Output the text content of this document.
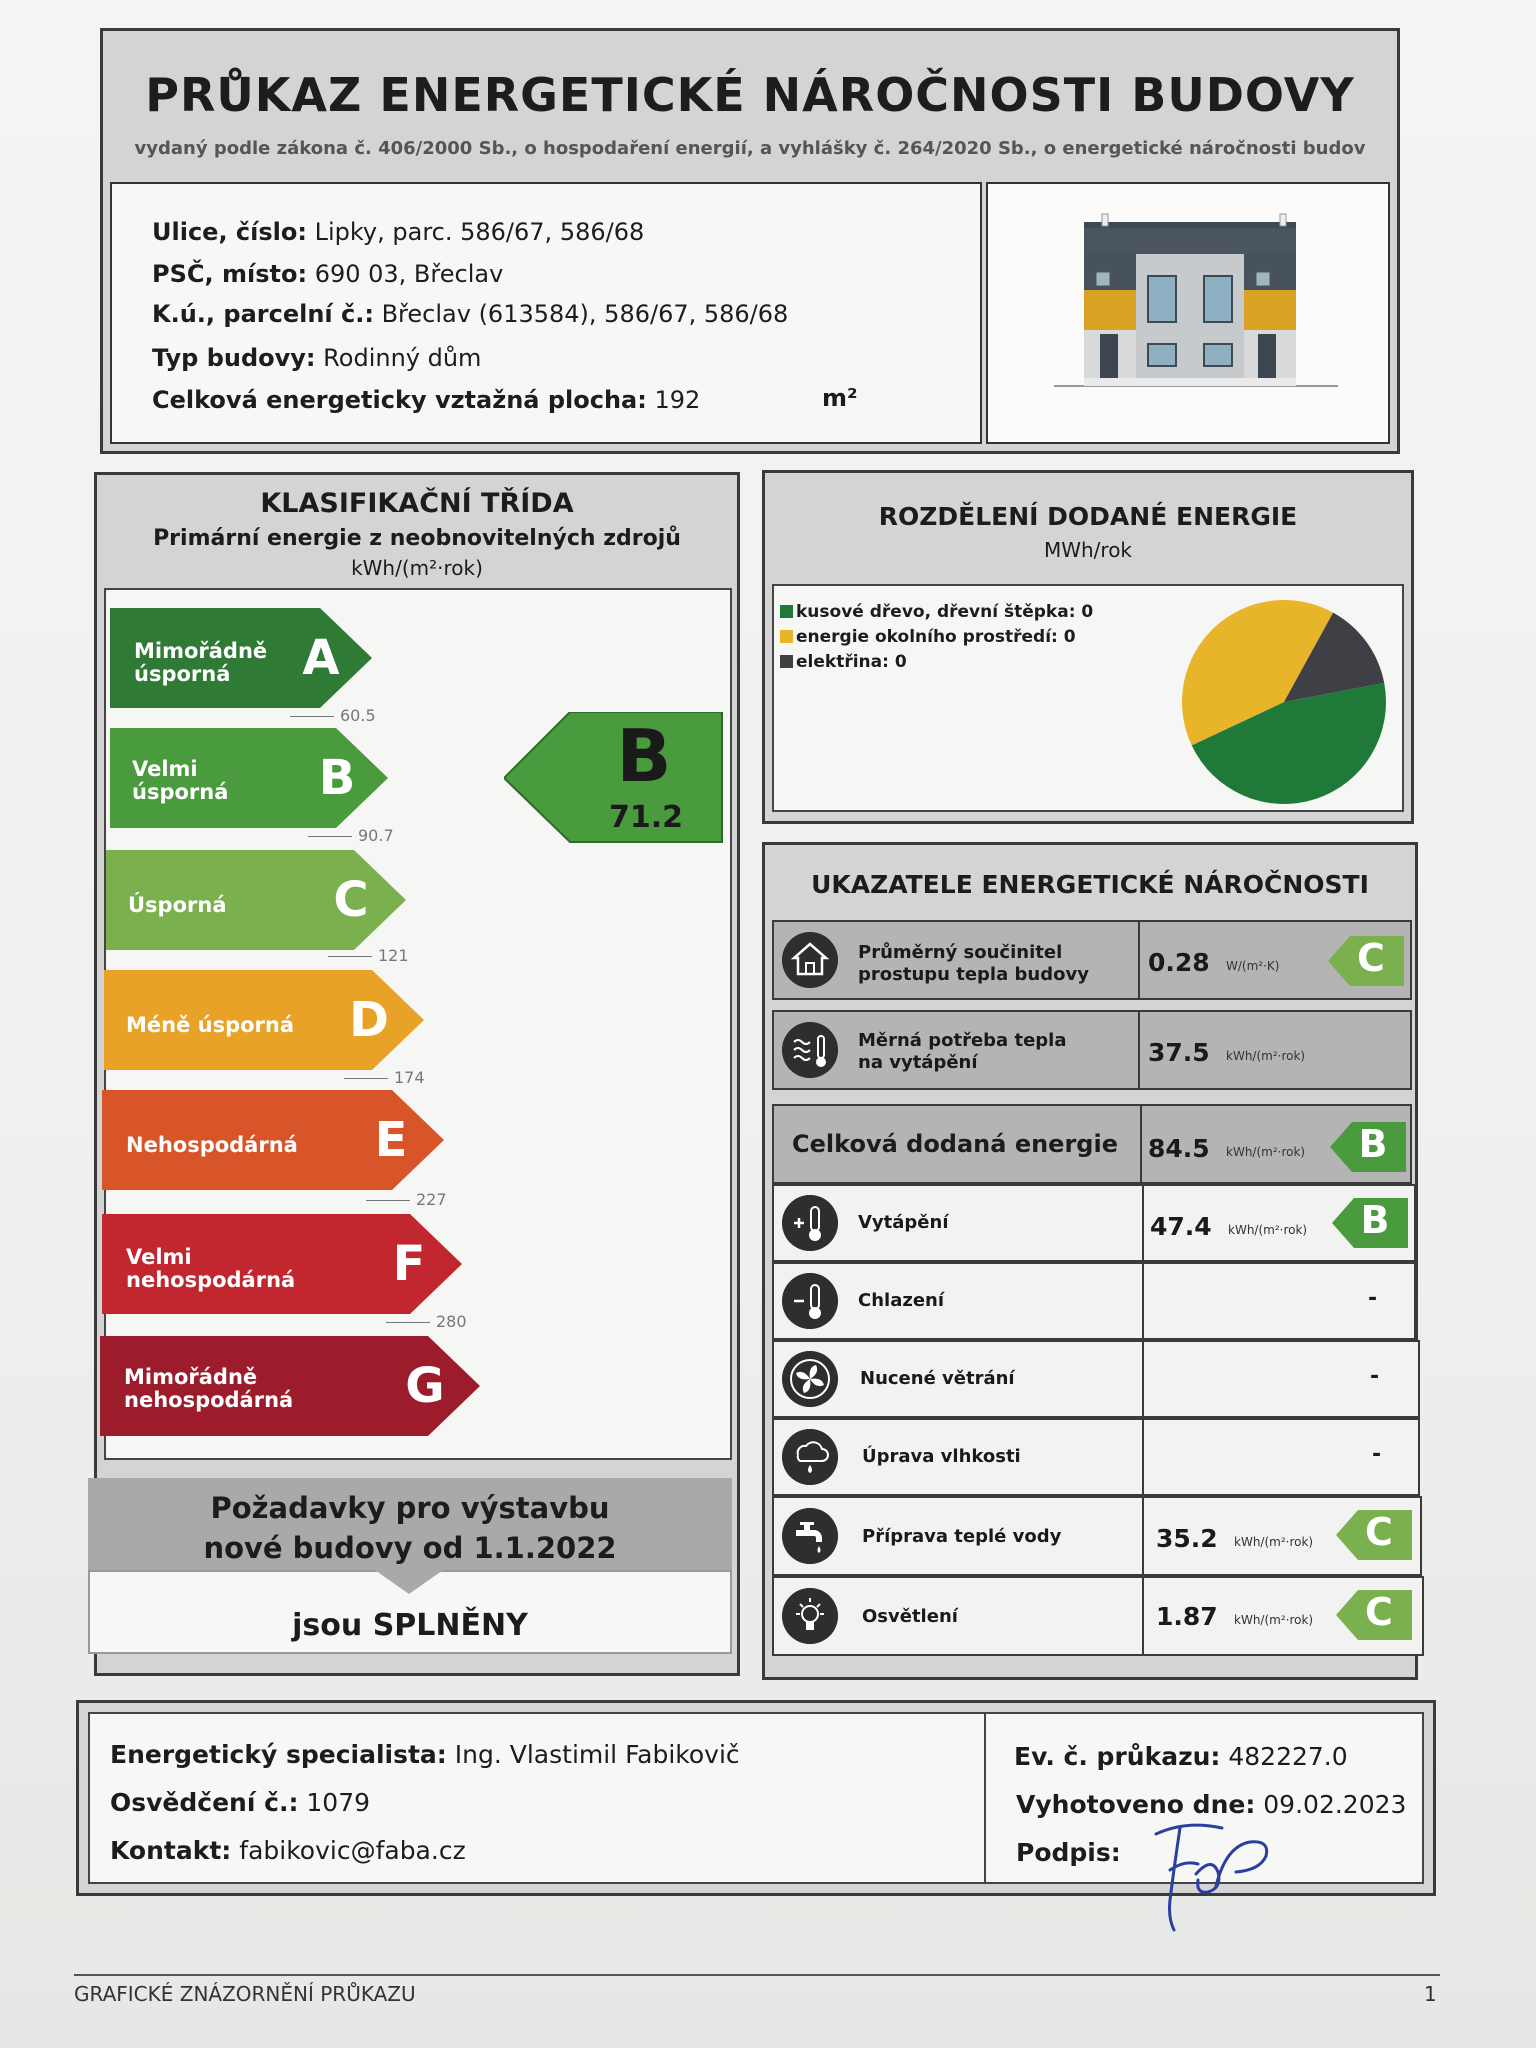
PRŮKAZ ENERGETICKÉ NÁROČNOSTI BUDOVY
vydaný podle zákona č. 406/2000 Sb., o hospodaření energií, a vyhlášky č. 264/2020 Sb., o energetické náročnosti budov
Ulice, číslo: Lipky, parc. 586/67, 586/68
PSČ, místo: 690 03, Břeclav
K.ú., parcelní č.: Břeclav (613584), 586/67, 586/68
Typ budovy: Rodinný dům
Celková energeticky vztažná plocha: 192	m²
KLASIFIKAČNÍ TŘÍDA
Primární energie z neobnovitelných zdrojů
kWh/(m²·rok)
Mimořádně
úsporná	A
60.5
Velmi
úsporná B
90.7
Úsporná C
121
Méně úsporná D
174
Nehospodárná E
227
Velmi
nehospodárná F
280
Mimořádně
nehospodárná G
B
71.2
Požadavky pro výstavbu
nové budovy od 1.1.2022
jsou SPLNĚNY
ROZDĚLENÍ DODANÉ ENERGIE
MWh/rok
kusové dřevo, dřevní štěpka: 0
energie okolního prostředí: 0
elektřina: 0
UKAZATELE ENERGETICKÉ NÁROČNOSTI
Průměrný součinitel
prostupu tepla budovy 0.28 W/(m²·K) C
Měrná potřeba tepla
na vytápění	37.5 kWh/(m²·rok)
Celková dodaná energie	84.5 kWh/(m²·rok) B
Vytápění	47.4 kWh/(m²·rok) B
Chlazení	-
Nucené větrání	-
Úprava vlhkosti	-
Příprava teplé vody	35.2 kWh/(m²·rok) C
Osvětlení	1.87 kWh/(m²·rok) C
Energetický specialista: Ing. Vlastimil Fabikovič
Osvědčení č.: 1079
Kontakt: fabikovic@faba.cz
Ev. č. průkazu: 482227.0
Vyhotoveno dne: 09.02.2023
Podpis:
GRAFICKÉ ZNÁZORNĚNÍ PRŮKAZU	1
